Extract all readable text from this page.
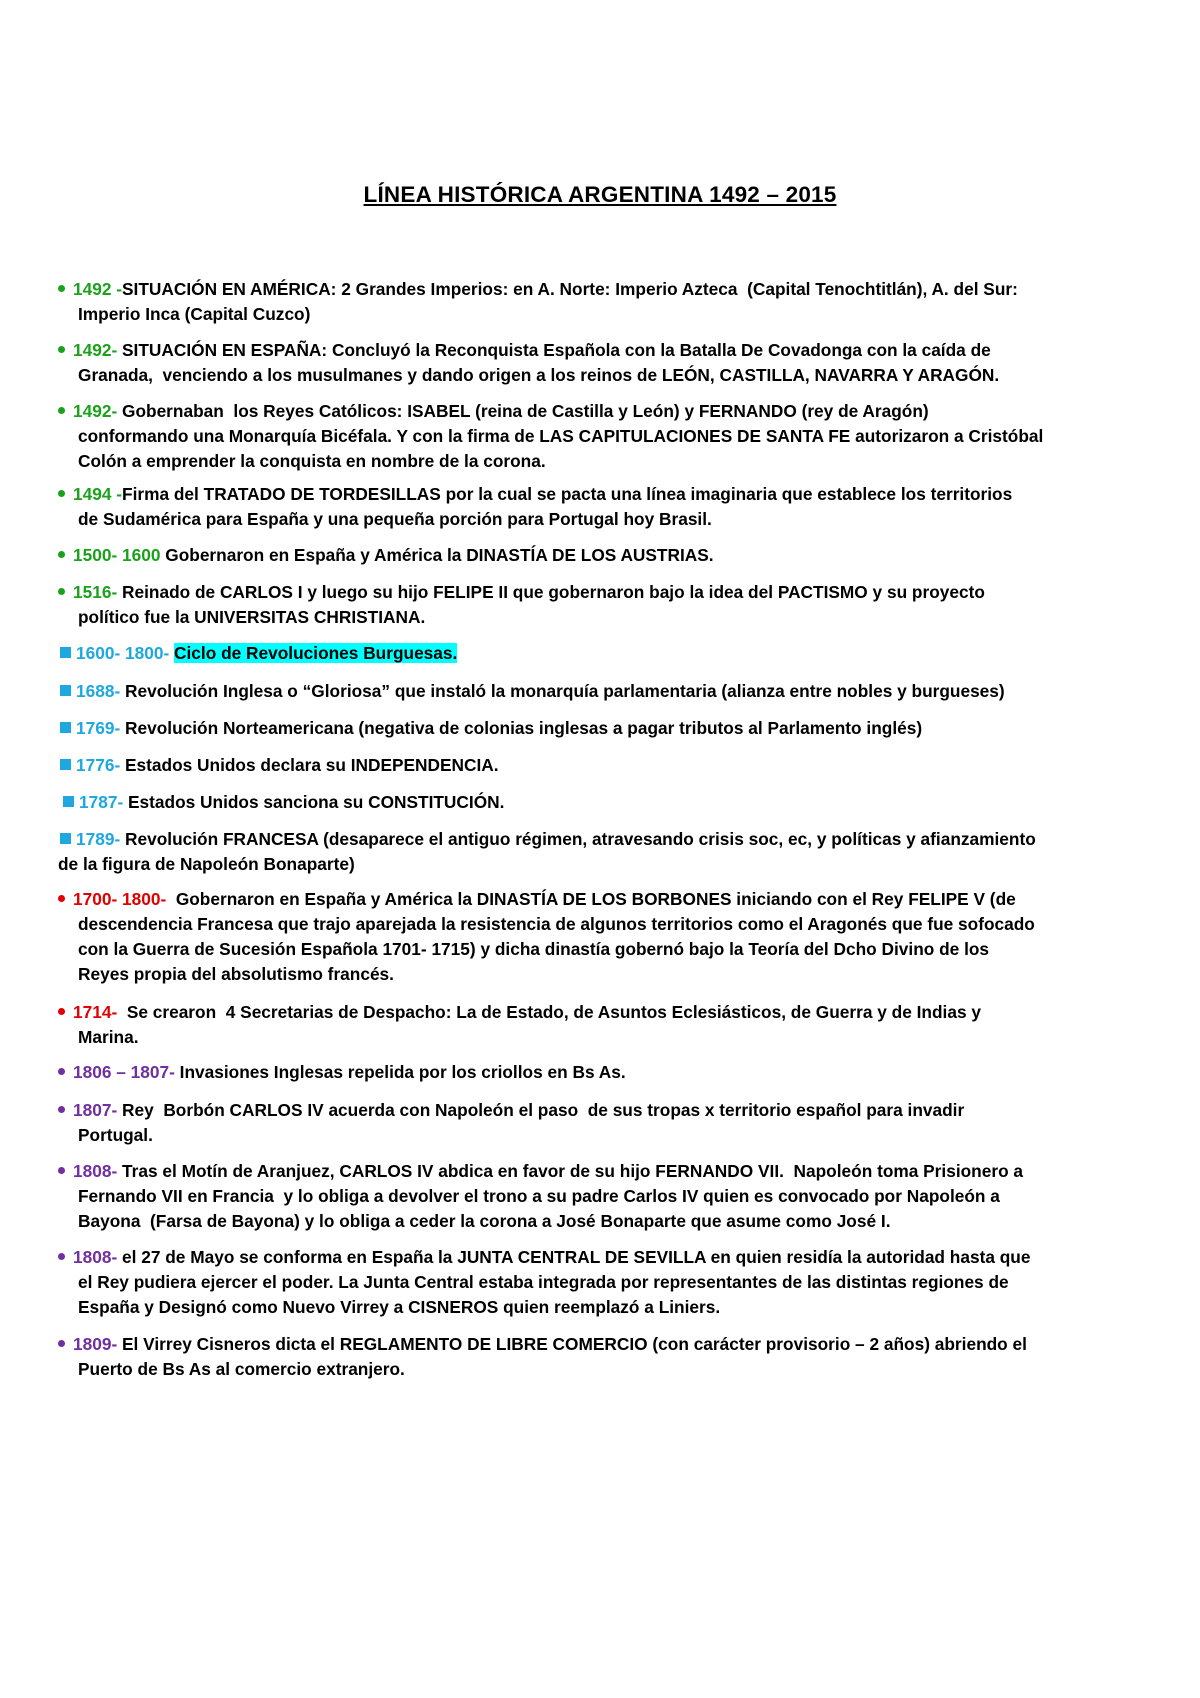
LÍNEA HISTÓRICA ARGENTINA 1492 – 2015
1492 -SITUACIÓN EN AMÉRICA: 2 Grandes Imperios: en A. Norte: Imperio Azteca  (Capital Tenochtitlán), A. del Sur:
Imperio Inca (Capital Cuzco)
1492- SITUACIÓN EN ESPAÑA: Concluyó la Reconquista Española con la Batalla De Covadonga con la caída de
Granada,  venciendo a los musulmanes y dando origen a los reinos de LEÓN, CASTILLA, NAVARRA Y ARAGÓN.
1492- Gobernaban  los Reyes Católicos: ISABEL (reina de Castilla y León) y FERNANDO (rey de Aragón)
conformando una Monarquía Bicéfala. Y con la firma de LAS CAPITULACIONES DE SANTA FE autorizaron a Cristóbal
Colón a emprender la conquista en nombre de la corona.
1494 -Firma del TRATADO DE TORDESILLAS por la cual se pacta una línea imaginaria que establece los territorios
de Sudamérica para España y una pequeña porción para Portugal hoy Brasil.
1500- 1600 Gobernaron en España y América la DINASTÍA DE LOS AUSTRIAS.
1516- Reinado de CARLOS I y luego su hijo FELIPE II que gobernaron bajo la idea del PACTISMO y su proyecto
político fue la UNIVERSITAS CHRISTIANA.
1600- 1800- Ciclo de Revoluciones Burguesas.
1688- Revolución Inglesa o “Gloriosa” que instaló la monarquía parlamentaria (alianza entre nobles y burgueses)
1769- Revolución Norteamericana (negativa de colonias inglesas a pagar tributos al Parlamento inglés)
1776- Estados Unidos declara su INDEPENDENCIA.
1787- Estados Unidos sanciona su CONSTITUCIÓN.
1789- Revolución FRANCESA (desaparece el antiguo régimen, atravesando crisis soc, ec, y políticas y afianzamiento
de la figura de Napoleón Bonaparte)
1700- 1800-  Gobernaron en España y América la DINASTÍA DE LOS BORBONES iniciando con el Rey FELIPE V (de
descendencia Francesa que trajo aparejada la resistencia de algunos territorios como el Aragonés que fue sofocado
con la Guerra de Sucesión Española 1701- 1715) y dicha dinastía gobernó bajo la Teoría del Dcho Divino de los
Reyes propia del absolutismo francés.
1714-  Se crearon  4 Secretarias de Despacho: La de Estado, de Asuntos Eclesiásticos, de Guerra y de Indias y
Marina.
1806 – 1807- Invasiones Inglesas repelida por los criollos en Bs As.
1807- Rey  Borbón CARLOS IV acuerda con Napoleón el paso  de sus tropas x territorio español para invadir
Portugal.
1808- Tras el Motín de Aranjuez, CARLOS IV abdica en favor de su hijo FERNANDO VII.  Napoleón toma Prisionero a
Fernando VII en Francia  y lo obliga a devolver el trono a su padre Carlos IV quien es convocado por Napoleón a
Bayona  (Farsa de Bayona) y lo obliga a ceder la corona a José Bonaparte que asume como José I.
1808- el 27 de Mayo se conforma en España la JUNTA CENTRAL DE SEVILLA en quien residía la autoridad hasta que
el Rey pudiera ejercer el poder. La Junta Central estaba integrada por representantes de las distintas regiones de
España y Designó como Nuevo Virrey a CISNEROS quien reemplazó a Liniers.
1809- El Virrey Cisneros dicta el REGLAMENTO DE LIBRE COMERCIO (con carácter provisorio – 2 años) abriendo el
Puerto de Bs As al comercio extranjero.
